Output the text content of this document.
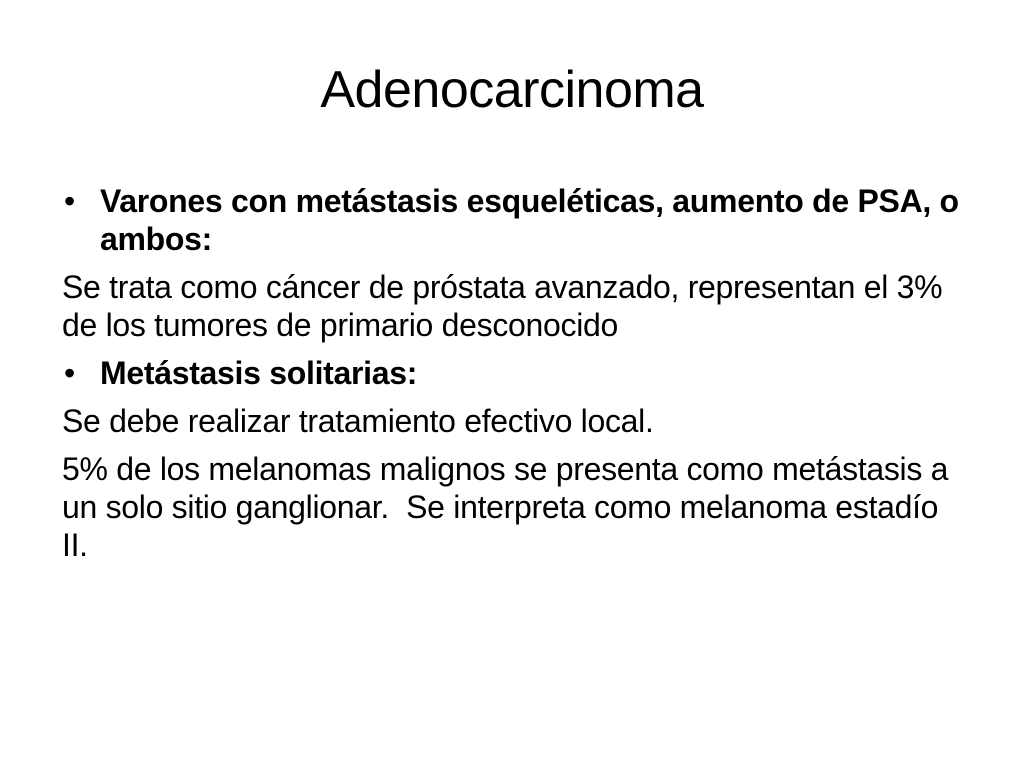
Adenocarcinoma
• Varones con metástasis esqueléticas, aumento de PSA, o ambos:
Se trata como cáncer de próstata avanzado, representan el 3% de los tumores de primario desconocido
• Metástasis solitarias:
Se debe realizar tratamiento efectivo local.
5% de los melanomas malignos se presenta como metástasis a un solo sitio ganglionar.  Se interpreta como melanoma estadío II.
